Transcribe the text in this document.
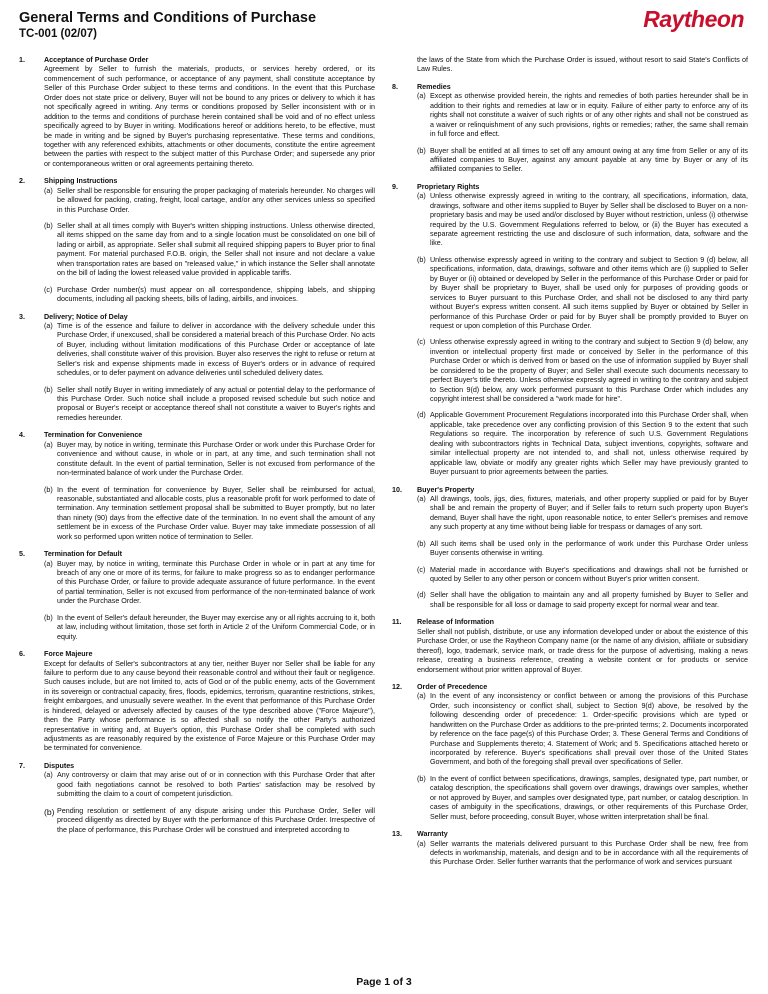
General Terms and Conditions of Purchase
TC-001 (02/07)
Raytheon
1.	Acceptance of Purchase Order
Agreement by Seller to furnish the materials, products, or services hereby ordered, or its commencement of such performance, or acceptance of any payment, shall constitute acceptance by Seller of this Purchase Order subject to these terms and conditions. In the event that this Purchase Order does not state price or delivery, Buyer will not be bound to any prices or delivery to which it has not specifically agreed in writing. Any terms or conditions proposed by Seller inconsistent with or in addition to the terms and conditions of purchase herein contained shall be void and of no effect unless specifically agreed to by Buyer in writing. Modifications hereof or additions hereto, to be effective, must be made in writing and be signed by Buyer's purchasing representative. These terms and conditions, together with any referenced exhibits, attachments or other documents, constitute the entire agreement between the parties with respect to the subject matter of this Purchase Order; and supersede any prior or contemporaneous written or oral agreements pertaining thereto.
2.	Shipping Instructions
(a) Seller shall be responsible for ensuring the proper packaging of materials hereunder. No charges will be allowed for packing, crating, freight, local cartage, and/or any other services unless so specified in this Purchase Order.
(b) Seller shall at all times comply with Buyer's written shipping instructions. Unless otherwise directed, all items shipped on the same day from and to a single location must be consolidated on one bill of lading or airbill, as appropriate. Seller shall submit all required shipping papers to Buyer prior to final payment. For material purchased F.O.B. origin, the Seller shall not insure and not declare a value when transportation rates are based on "released value," in which instance the Seller shall annotate on the bill of lading the lowest released value provided in applicable tariffs.
(c) Purchase Order number(s) must appear on all correspondence, shipping labels, and shipping documents, including all packing sheets, bills of lading, airbills, and invoices.
3.	Delivery; Notice of Delay
(a) Time is of the essence and failure to deliver in accordance with the delivery schedule under this Purchase Order, if unexcused, shall be considered a material breach of this Purchase Order. No acts of Buyer, including without limitation modifications of this Purchase Order or acceptance of late deliveries, shall constitute waiver of this provision. Buyer also reserves the right to refuse or return at Seller's risk and expense shipments made in excess of Buyer's orders or in advance of required schedules, or to defer payment on advance deliveries until scheduled delivery dates.
(b) Seller shall notify Buyer in writing immediately of any actual or potential delay to the performance of this Purchase Order. Such notice shall include a proposed revised schedule but such notice and proposal or Buyer's receipt or acceptance thereof shall not constitute a waiver to Buyer's rights and remedies hereunder.
4.	Termination for Convenience
(a) Buyer may, by notice in writing, terminate this Purchase Order or work under this Purchase Order for convenience and without cause, in whole or in part, at any time, and such termination shall not constitute default. In the event of partial termination, Seller is not excused from performance of the non-terminated balance of work under the Purchase Order.
(b) In the event of termination for convenience by Buyer, Seller shall be reimbursed for actual, reasonable, substantiated and allocable costs, plus a reasonable profit for work performed to date of termination. Any termination settlement proposal shall be submitted to Buyer promptly, but no later than ninety (90) days from the effective date of the termination. In no event shall the amount of any settlement be in excess of the Purchase Order value. Buyer may take immediate possession of all work so performed upon written notice of termination to Seller.
5.	Termination for Default
(a) Buyer may, by notice in writing, terminate this Purchase Order in whole or in part at any time for breach of any one or more of its terms, for failure to make progress so as to endanger performance of this Purchase Order, or failure to provide adequate assurance of future performance. In the event of partial termination, Seller is not excused from performance of the non-terminated balance of work under the Purchase Order.
(b) In the event of Seller's default hereunder, the Buyer may exercise any or all rights accruing to it, both at law, including without limitation, those set forth in Article 2 of the Uniform Commercial Code, or in equity.
6.	Force Majeure
Except for defaults of Seller's subcontractors at any tier, neither Buyer nor Seller shall be liable for any failure to perform due to any cause beyond their reasonable control and without their fault or negligence. Such causes include, but are not limited to, acts of God or of the public enemy, acts of the Government in its sovereign or contractual capacity, fires, floods, epidemics, terrorism, quarantine restrictions, strikes, freight embargoes, and unusually severe weather. In the event that performance of this Purchase Order is hindered, delayed or adversely affected by causes of the type described above ("Force Majeure"), then the Party whose performance is so affected shall so notify the other Party's authorized representative in writing and, at Buyer's option, this Purchase Order shall be completed with such adjustments as are reasonably required by the existence of Force Majeure or this Purchase Order may be terminated for convenience.
7.	Disputes
(a) Any controversy or claim that may arise out of or in connection with this Purchase Order that after good faith negotiations cannot be resolved to both Parties' satisfaction may be resolved by submitting the claim to a court of competent jurisdiction.
(b) Pending resolution or settlement of any dispute arising under this Purchase Order, Seller will proceed diligently as directed by Buyer with the performance of this Purchase Order. Irrespective of the place of performance, this Purchase Order will be construed and interpreted according to
the laws of the State from which the Purchase Order is issued, without resort to said State's Conflicts of Law Rules.
8.	Remedies
(a) Except as otherwise provided herein, the rights and remedies of both parties hereunder shall be in addition to their rights and remedies at law or in equity. Failure of either party to enforce any of its rights shall not constitute a waiver of such rights or of any other rights and shall not be construed as a waiver or relinquishment of any such provisions, rights or remedies; rather, the same shall remain in full force and effect.
(b) Buyer shall be entitled at all times to set off any amount owing at any time from Seller or any of its affiliated companies to Buyer, against any amount payable at any time by Buyer or any of its affiliated companies to Seller.
9.	Proprietary Rights
(a) Unless otherwise expressly agreed in writing to the contrary, all specifications, information, data, drawings, software and other items supplied to Buyer by Seller shall be disclosed to Buyer on a non-proprietary basis and may be used and/or disclosed by Buyer without restriction, unless (i) otherwise required by the U.S. Government Regulations referred to below, or (ii) the Buyer has executed a separate agreement restricting the use and disclosure of such information, data, software and the like.
(b) Unless otherwise expressly agreed in writing to the contrary and subject to Section 9 (d) below, all specifications, information, data, drawings, software and other items which are (i) supplied to Seller by Buyer or (ii) obtained or developed by Seller in the performance of this Purchase Order or paid for by Buyer shall be proprietary to Buyer, shall be used only for purposes of providing goods or services to Buyer pursuant to this Purchase Order, and shall not be disclosed to any third party without Buyer's express written consent. All such items supplied by Buyer or obtained by Seller in performance of this Purchase Order or paid for by Buyer shall be promptly provided to Buyer on request or upon completion of this Purchase Order.
(c) Unless otherwise expressly agreed in writing to the contrary and subject to Section 9 (d) below, any invention or intellectual property first made or conceived by Seller in the performance of this Purchase Order or which is derived from or based on the use of information supplied by Buyer shall be considered to be the property of Buyer; and Seller shall execute such documents necessary to perfect Buyer's title thereto. Unless otherwise expressly agreed in writing to the contrary and subject to Section 9(d) below, any work performed pursuant to this Purchase Order which includes any copyright interest shall be considered a "work made for hire".
(d) Applicable Government Procurement Regulations incorporated into this Purchase Order shall, when applicable, take precedence over any conflicting provision of this Section 9 to the extent that such Regulations so require. The incorporation by reference of such U.S. Government Regulations dealing with subcontractors rights in Technical Data, subject inventions, copyrights, software and similar intellectual property are not intended to, and shall not, unless otherwise required by applicable law, obviate or modify any greater rights which Seller may have previously granted to Buyer pursuant to prior agreements between the parties.
10. Buyer's Property
(a) All drawings, tools, jigs, dies, fixtures, materials, and other property supplied or paid for by Buyer shall be and remain the property of Buyer; and if Seller fails to return such property upon Buyer's demand, Buyer shall have the right, upon reasonable notice, to enter Seller's premises and remove any such property at any time without being liable for trespass or damages of any sort.
(b) All such items shall be used only in the performance of work under this Purchase Order unless Buyer consents otherwise in writing.
(c) Material made in accordance with Buyer's specifications and drawings shall not be furnished or quoted by Seller to any other person or concern without Buyer's prior written consent.
(d) Seller shall have the obligation to maintain any and all property furnished by Buyer to Seller and shall be responsible for all loss or damage to said property except for normal wear and tear.
11. Release of Information
Seller shall not publish, distribute, or use any information developed under or about the existence of this Purchase Order, or use the Raytheon Company name (or the name of any division, affiliate or subsidiary thereof), logo, trademark, service mark, or trade dress for the purpose of advertising, making a news release, creating a business reference, creating a website content or for products or service endorsement without prior written approval of Buyer.
12. Order of Precedence
(a) In the event of any inconsistency or conflict between or among the provisions of this Purchase Order, such inconsistency or conflict shall, subject to Section 9(d) above, be resolved by the following descending order of precedence: 1. Order-specific provisions which are typed or handwritten on the Purchase Order as additions to the pre-printed terms; 2. Documents incorporated by reference on the face page(s) of this Purchase Order; 3. These General Terms and Conditions of Purchase and Supplements thereto; 4. Statement of Work; and 5. Specifications attached hereto or incorporated by reference. Buyer's specifications shall prevail over those of the United States Government, and both of the foregoing shall prevail over specifications of Seller.
(b) In the event of conflict between specifications, drawings, samples, designated type, part number, or catalog description, the specifications shall govern over drawings, drawings over samples, whether or not approved by Buyer, and samples over designated type, part number, or catalog description. In cases of ambiguity in the specifications, drawings, or other requirements of this Purchase Order, Seller must, before proceeding, consult Buyer, whose written interpretation shall be final.
13. Warranty
(a) Seller warrants the materials delivered pursuant to this Purchase Order shall be new, free from defects in workmanship, materials, and design and to be in accordance with all the requirements of this Purchase Order. Seller further warrants that the performance of work and services pursuant
Page 1 of 3
